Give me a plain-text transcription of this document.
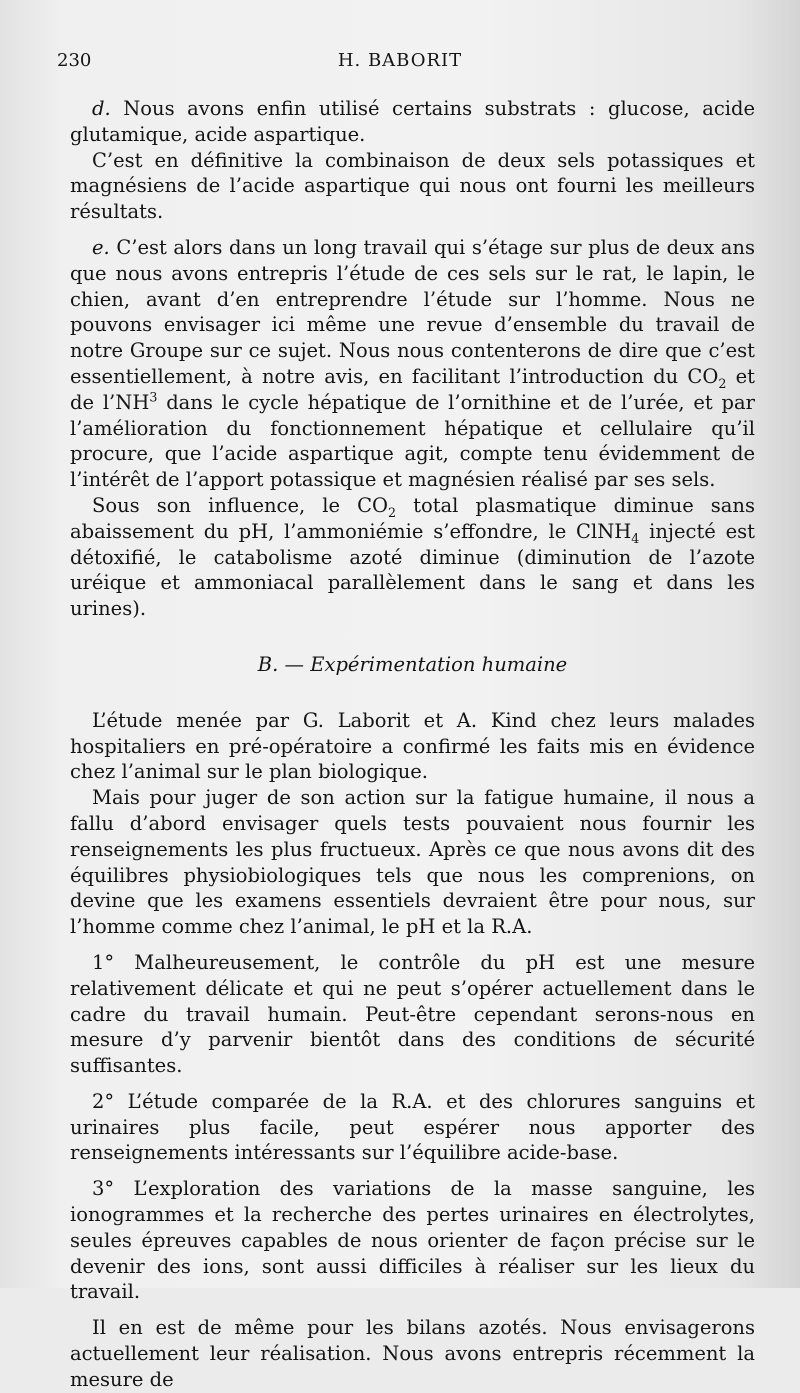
230	H. BABORIT

d. Nous avons enfin utilisé certains substrats : glucose, acide glutamique, acide aspartique.

C’est en définitive la combinaison de deux sels potassiques et magnésiens de l’acide aspartique qui nous ont fourni les meilleurs résultats.

e. C’est alors dans un long travail qui s’étage sur plus de deux ans que nous avons entrepris l’étude de ces sels sur le rat, le lapin, le chien, avant d’en entreprendre l’étude sur l’homme. Nous ne pouvons envisager ici même une revue d’ensemble du travail de notre Groupe sur ce sujet. Nous nous contenterons de dire que c’est essentiellement, à notre avis, en facilitant l’introduction du $CO_2$ et de $l’NH^3$ dans le cycle hépatique de l’ornithine et de l’urée, et par l’amélioration du fonctionnement hépatique et cellulaire qu’il procure, que l’acide aspartique agit, compte tenu évidemment de l’intérêt de l’apport potassique et magnésien réalisé par ses sels.

Sous son influence, le $CO_2$ total plasmatique diminue sans abaissement du pH, l’ammoniémie s’effondre, le ClNH$_4$ injecté est détoxifié, le catabolisme azoté diminue (diminution de l’azote uréique et ammoniacal parallèlement dans le sang et dans les urines).

B. — Expérimentation humaine

L’étude menée par G. Laborit et A. Kind chez leurs malades hospitaliers en pré-opératoire a confirmé les faits mis en évidence chez l’animal sur le plan biologique.

Mais pour juger de son action sur la fatigue humaine, il nous a fallu d’abord envisager quels tests pouvaient nous fournir les renseignements les plus fructueux. Après ce que nous avons dit des équilibres physiobiologiques tels que nous les comprenions, on devine que les examens essentiels devraient être pour nous, sur l’homme comme chez l’animal, le pH et la R.A.

1° Malheureusement, le contrôle du pH est une mesure relativement délicate et qui ne peut s’opérer actuellement dans le cadre du travail humain. Peut-être cependant serons-nous en mesure d’y parvenir bientôt dans des conditions de sécurité suffisantes.

2° L’étude comparée de la R.A. et des chlorures sanguins et urinaires plus facile, peut espérer nous apporter des renseignements intéressants sur l’équilibre acide-base.

3° L’exploration des variations de la masse sanguine, les ionogrammes et la recherche des pertes urinaires en électrolytes, seules épreuves capables de nous orienter de façon précise sur le devenir des ions, sont aussi difficiles à réaliser sur les lieux du travail.

Il en est de même pour les bilans azotés. Nous envisagerons actuellement leur réalisation. Nous avons entrepris récemment la mesure de
